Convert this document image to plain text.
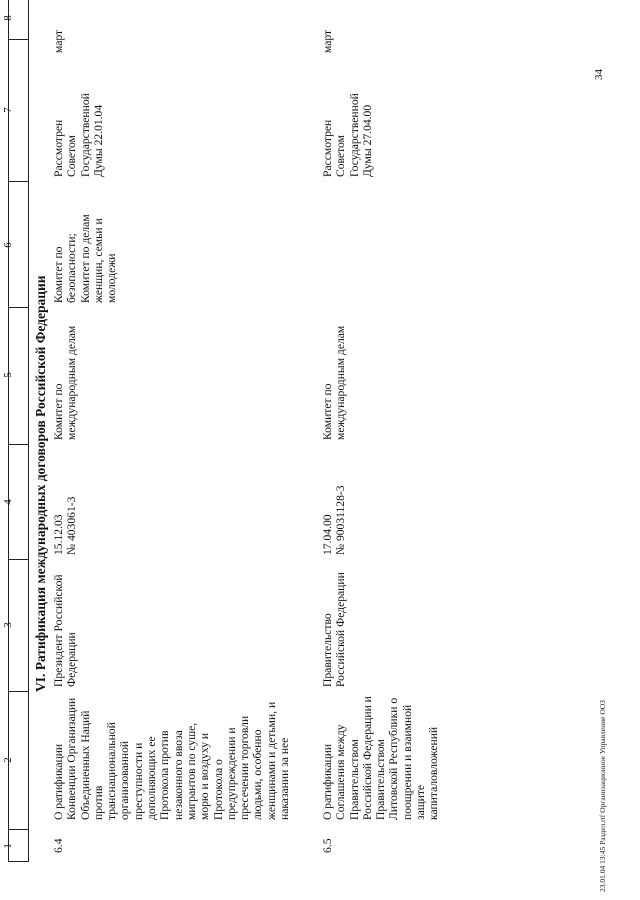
1
2
3
4
5
6
7
8
VI. Ратификация международных договоров Российской Федерации
6.4
О ратификации
Конвенции Организации
Объединенных Наций
против
транснациональной
организованной
преступности и
дополняющих ее
Протокола против
незаконного ввоза
мигрантов по суше,
морю и воздуху и
Протокола о
предупреждении и
пресечении торговли
людьми, особенно
женщинами и детьми, и
наказании за нее
Президент Российской
Федерации
15.12.03
№ 403061-3
Комитет по
международным делам
Комитет по
безопасности;
Комитет по делам
женщин, семьи и
молодежи
Рассмотрен
Советом
Государственной
Думы 22.01.04
март
6.5
О ратификации
Соглашения между
Правительством
Российской Федерации и
Правительством
Литовской Республики о
поощрении и взаимной
защите
капиталовложений
Правительство
Российской Федерации
17.04.00
№ 90031128-3
Комитет по
международным делам
Рассмотрен
Советом
Государственной
Думы 27.04.00
март
23.01.04 13:45 Раздел.rtf Организационное Управление ООЗ
34
